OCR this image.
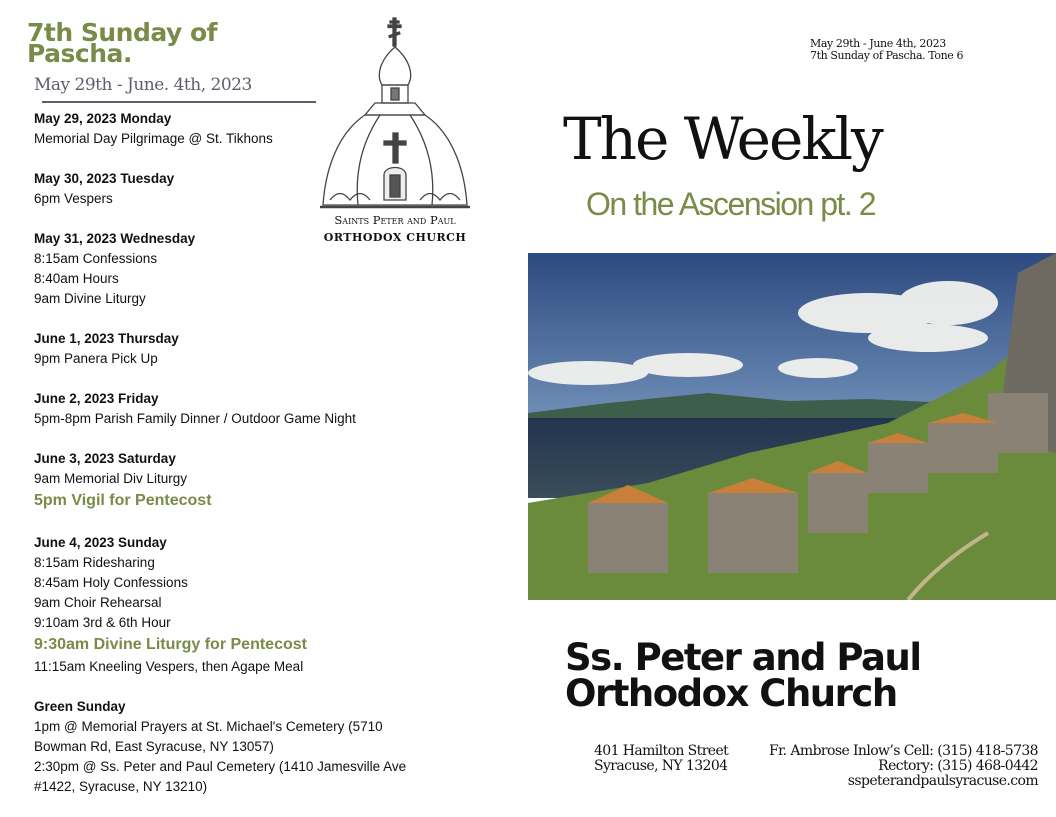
7th Sunday of
Pascha.
May 29th - June. 4th, 2023
May 29, 2023 Monday
Memorial Day Pilgrimage @ St. Tikhons
May 30, 2023 Tuesday
6pm Vespers
May 31, 2023 Wednesday
8:15am Confessions
8:40am Hours
9am Divine Liturgy
June 1, 2023 Thursday
9pm Panera Pick Up
June 2, 2023 Friday
5pm-8pm Parish Family Dinner / Outdoor Game Night
June 3, 2023 Saturday
9am Memorial Div Liturgy
5pm Vigil for Pentecost
June 4, 2023 Sunday
8:15am Ridesharing
8:45am Holy Confessions
9am Choir Rehearsal
9:10am 3rd & 6th Hour
9:30am Divine Liturgy for Pentecost
11:15am Kneeling Vespers, then Agape Meal
Green Sunday
1pm @ Memorial Prayers at St. Michael's Cemetery (5710
Bowman Rd, East Syracuse, NY 13057)
2:30pm @ Ss. Peter and Paul Cemetery (1410 Jamesville Ave
#1422, Syracuse, NY 13210)
Saints Peter and Paul
ORTHODOX CHURCH
May 29th - June 4th, 2023
7th Sunday of Pascha. Tone 6
The Weekly
On the Ascension pt. 2
Ss. Peter and Paul
Orthodox Church
401 Hamilton Street
Syracuse, NY 13204
Fr. Ambrose Inlow’s Cell: (315) 418-5738
Rectory: (315) 468-0442
sspeterandpaulsyracuse.com
